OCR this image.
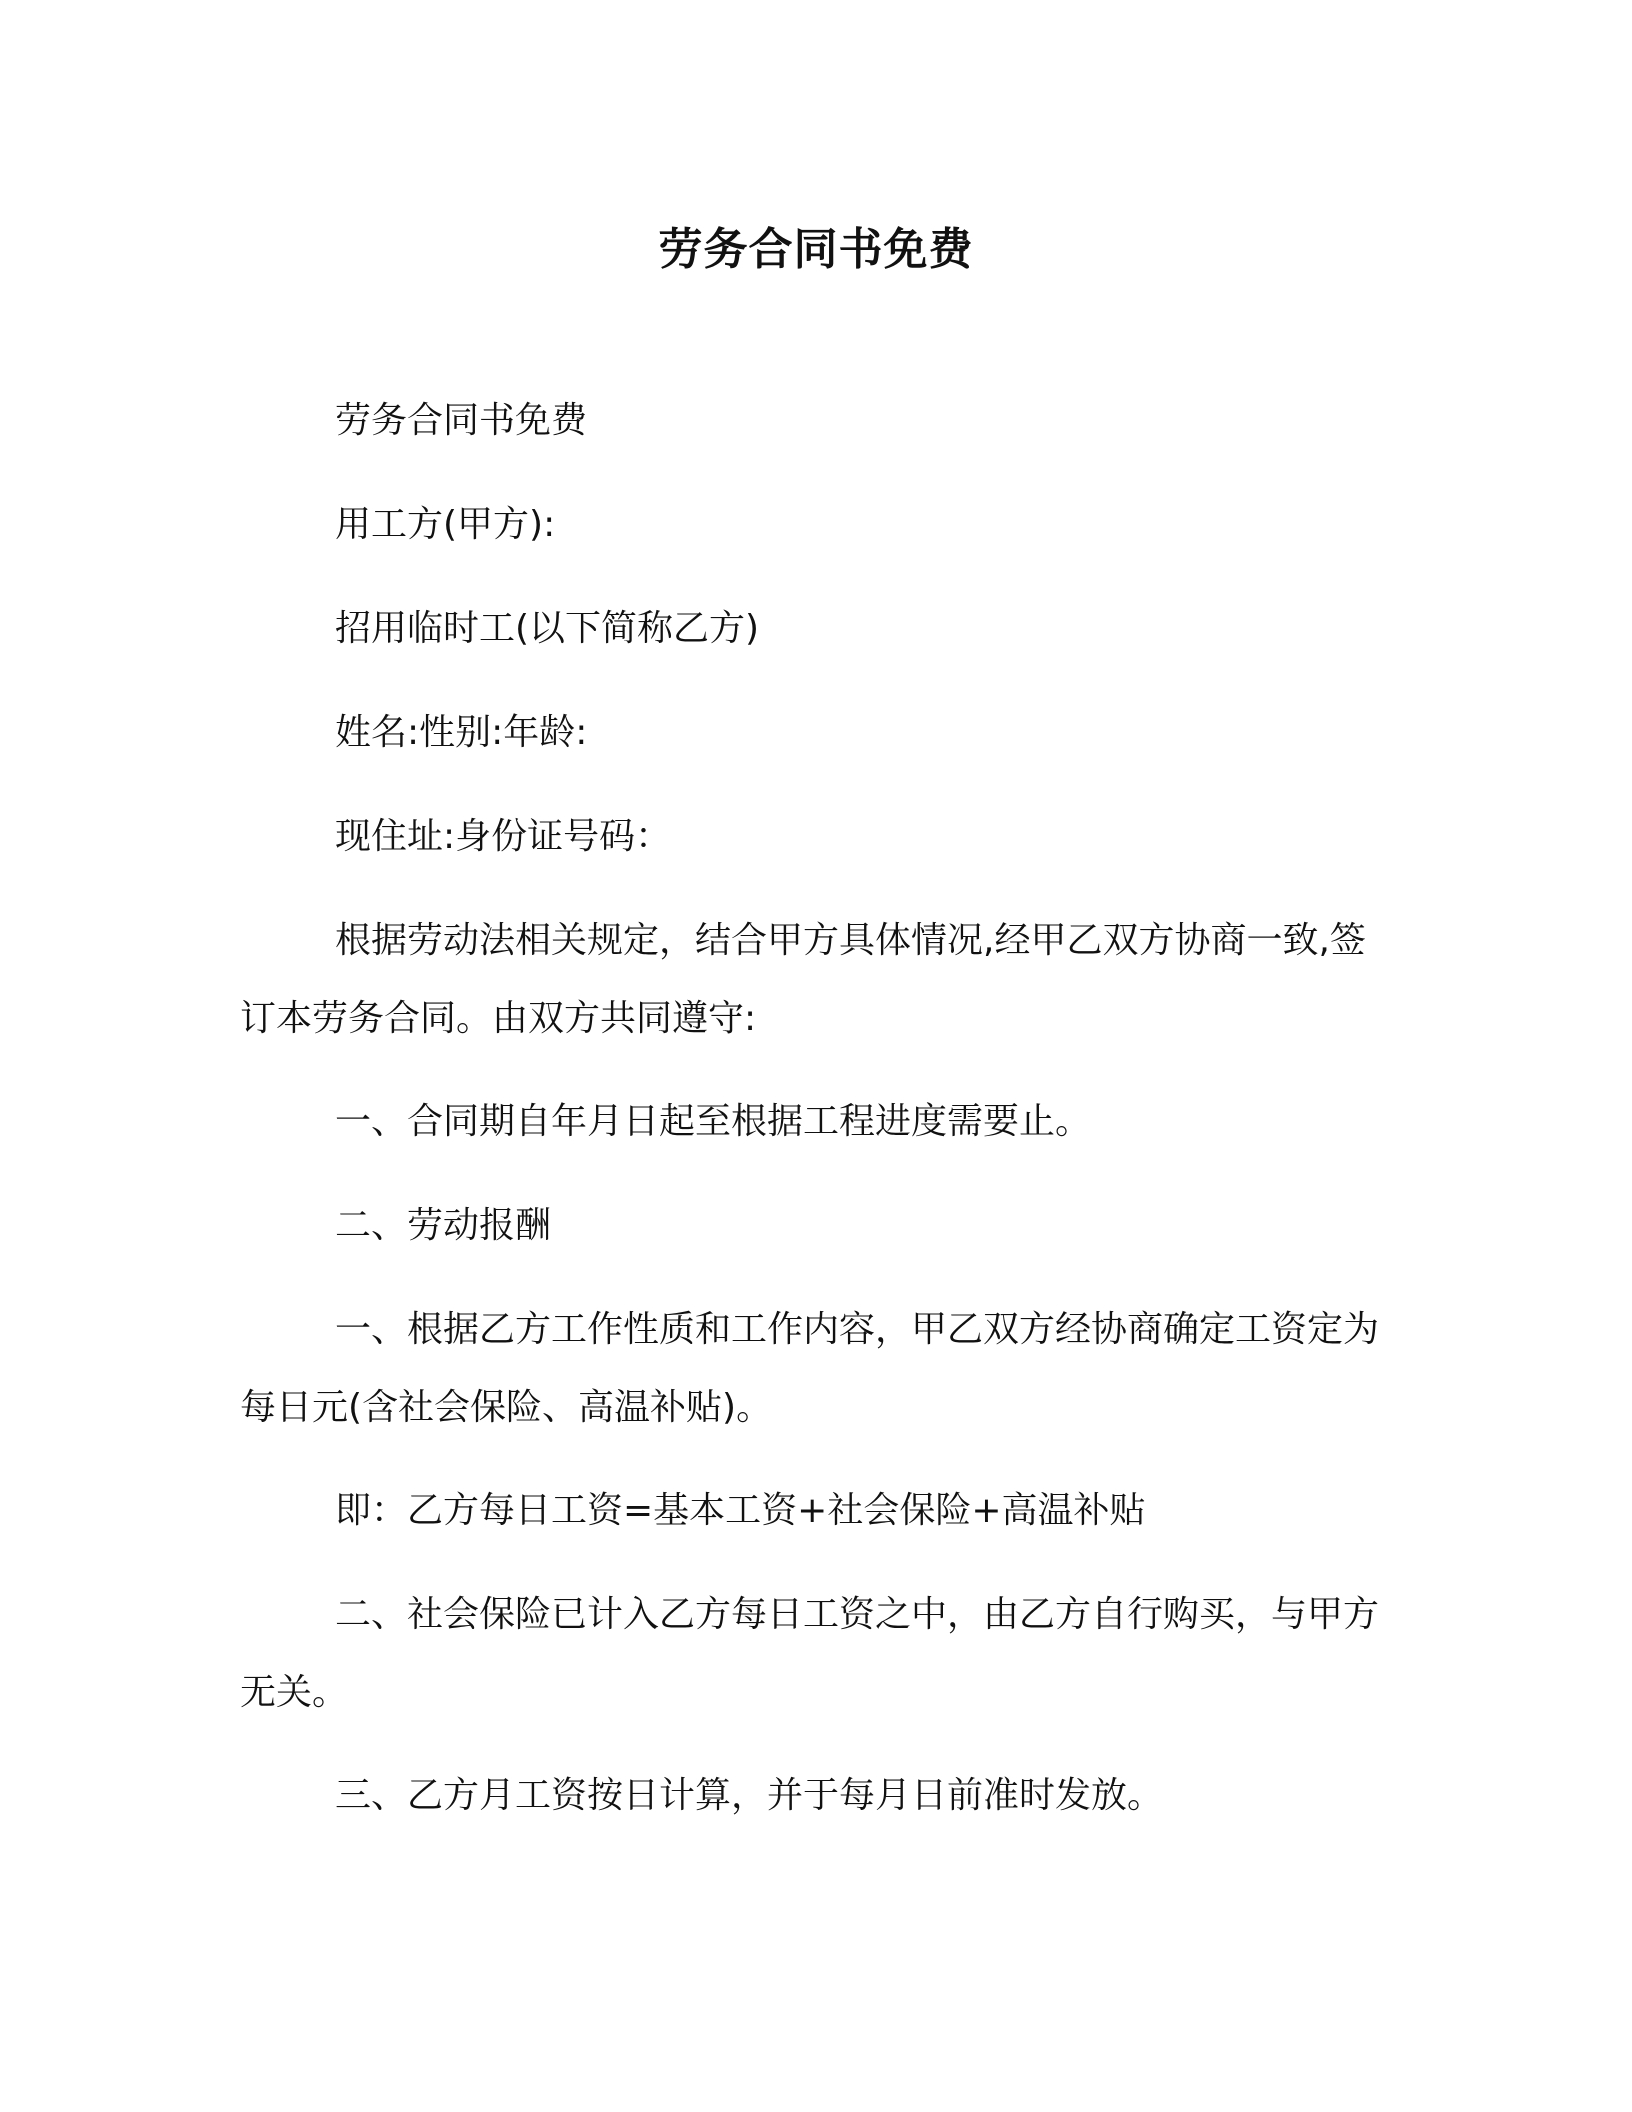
劳务合同书免费
劳务合同书免费
用工方(甲方):
招用临时工(以下简称乙方)
姓名:性别:年龄:
现住址:身份证号码：
根据劳动法相关规定，结合甲方具体情况,经甲乙双方协商一致,签订本劳务合同。由双方共同遵守:
一、合同期自年月日起至根据工程进度需要止。
二、劳动报酬
一、根据乙方工作性质和工作内容，甲乙双方经协商确定工资定为每日元(含社会保险、高温补贴)。
即：乙方每日工资=基本工资+社会保险+高温补贴
二、社会保险已计入乙方每日工资之中，由乙方自行购买，与甲方无关。
三、乙方月工资按日计算，并于每月日前准时发放。
